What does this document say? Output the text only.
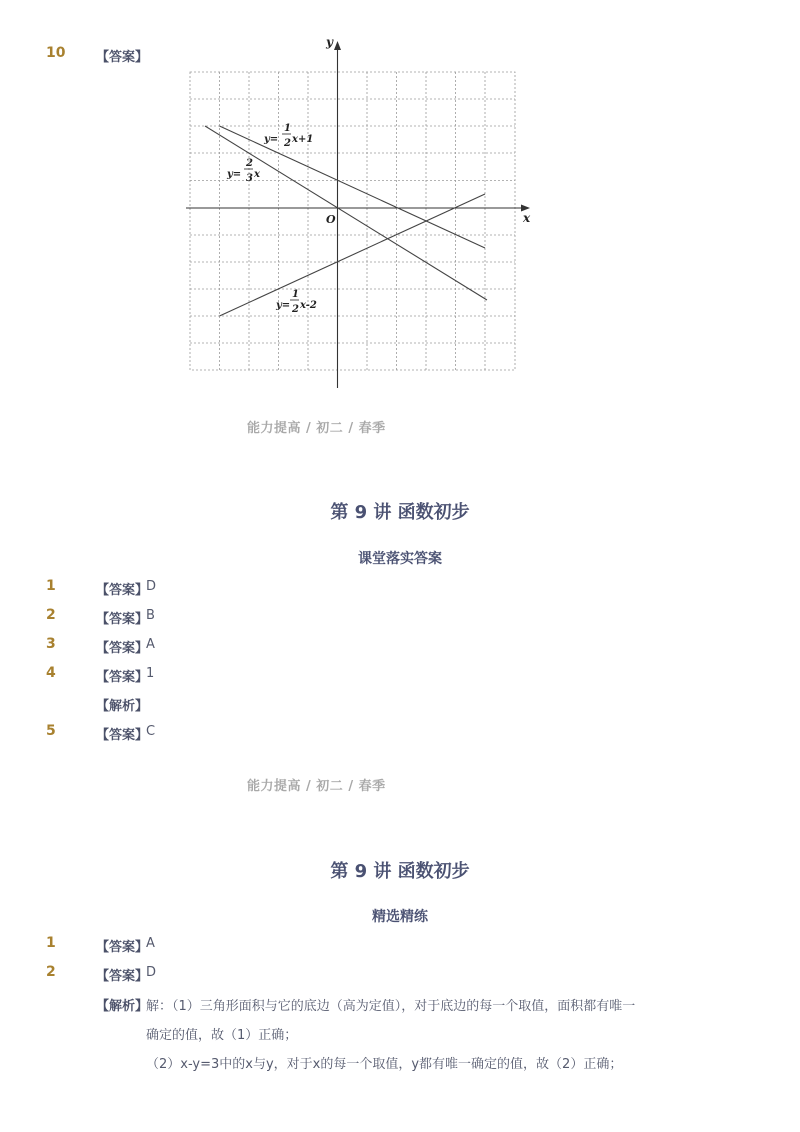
10 【答案】
x
y
O
y=
1
2 x+1
y=
2
3 x
y=
1
2 x-2
能力提高 / 初二 / 春季
第 9 讲 函数初步
课堂落实答案
1	【答案】
D
2	【答案】
B
3	【答案】
A
4	【答案】
1
【解析】
5	【答案】
C
能力提高 / 初二 / 春季
第 9 讲 函数初步
精选精练
1	【答案】
A
2	【答案】
D
【解析】
解：（1）三角形面积与它的底边（高为定值），对于底边的每一个取值，面积都有唯一
确定的值，故（1）正确；
（2）x-y=3中的x与y，对于x的每一个取值，y都有唯一确定的值，故（2）正确；
